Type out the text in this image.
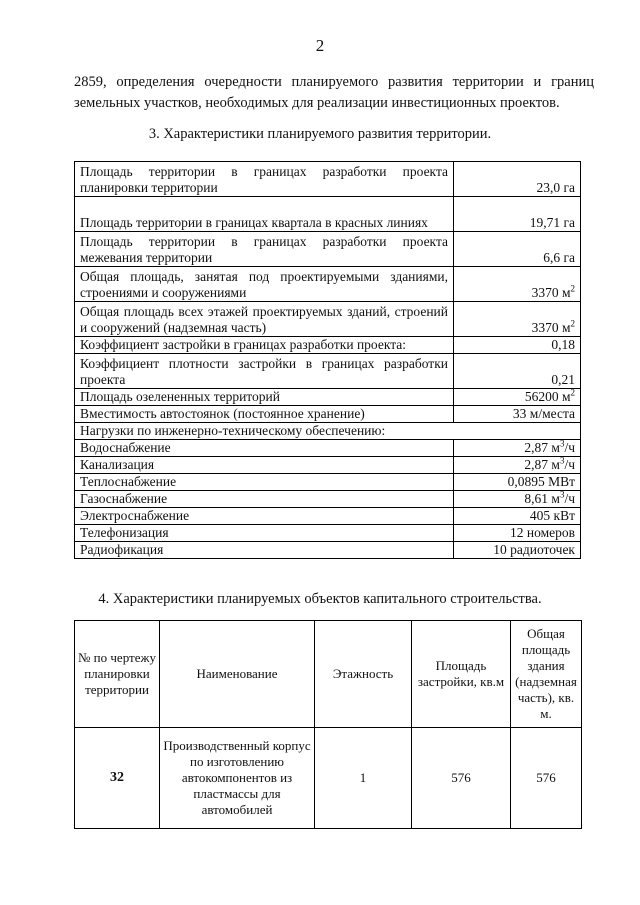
2
2859, определения очередности планируемого развития территории и границ земельных участков, необходимых для реализации инвестиционных проектов.
3. Характеристики планируемого развития территории.
Площадь территории в границах разработки проекта планировки территории	23,0 га
Площадь территории в границах квартала в красных линиях	19,71 га
Площадь территории в границах разработки проекта межевания территории	6,6 га
Общая площадь, занятая под проектируемыми зданиями, строениями и сооружениями	3370 $м^2$
Общая площадь всех этажей проектируемых зданий, строений и сооружений (надземная часть)	3370 $м^2$
Коэффициент застройки в границах разработки проекта:	0,18
Коэффициент плотности застройки в границах разработки проекта	0,21
Площадь озелененных территорий	56200 $м^2$
Вместимость автостоянок (постоянное хранение)	33 м/места
Нагрузки по инженерно-техническому обеспечению:	
Водоснабжение	2,87 $м^3/ч$
Канализация	2,87 $м^3/ч$
Теплоснабжение	0,0895 МВт
Газоснабжение	8,61 $м^3/ч$
Электроснабжение	405 кВт
Телефонизация	12 номеров
Радиофикация	10 радиоточек
4. Характеристики планируемых объектов капитального строительства.
№ по чертежу планировки территории	Наименование	Этажность	Площадь застройки, кв.м	Общая площадь здания (надземная часть), кв. м.
32	Производственный корпус по изготовлению автокомпонентов из пластмассы для автомобилей	1	576	576
